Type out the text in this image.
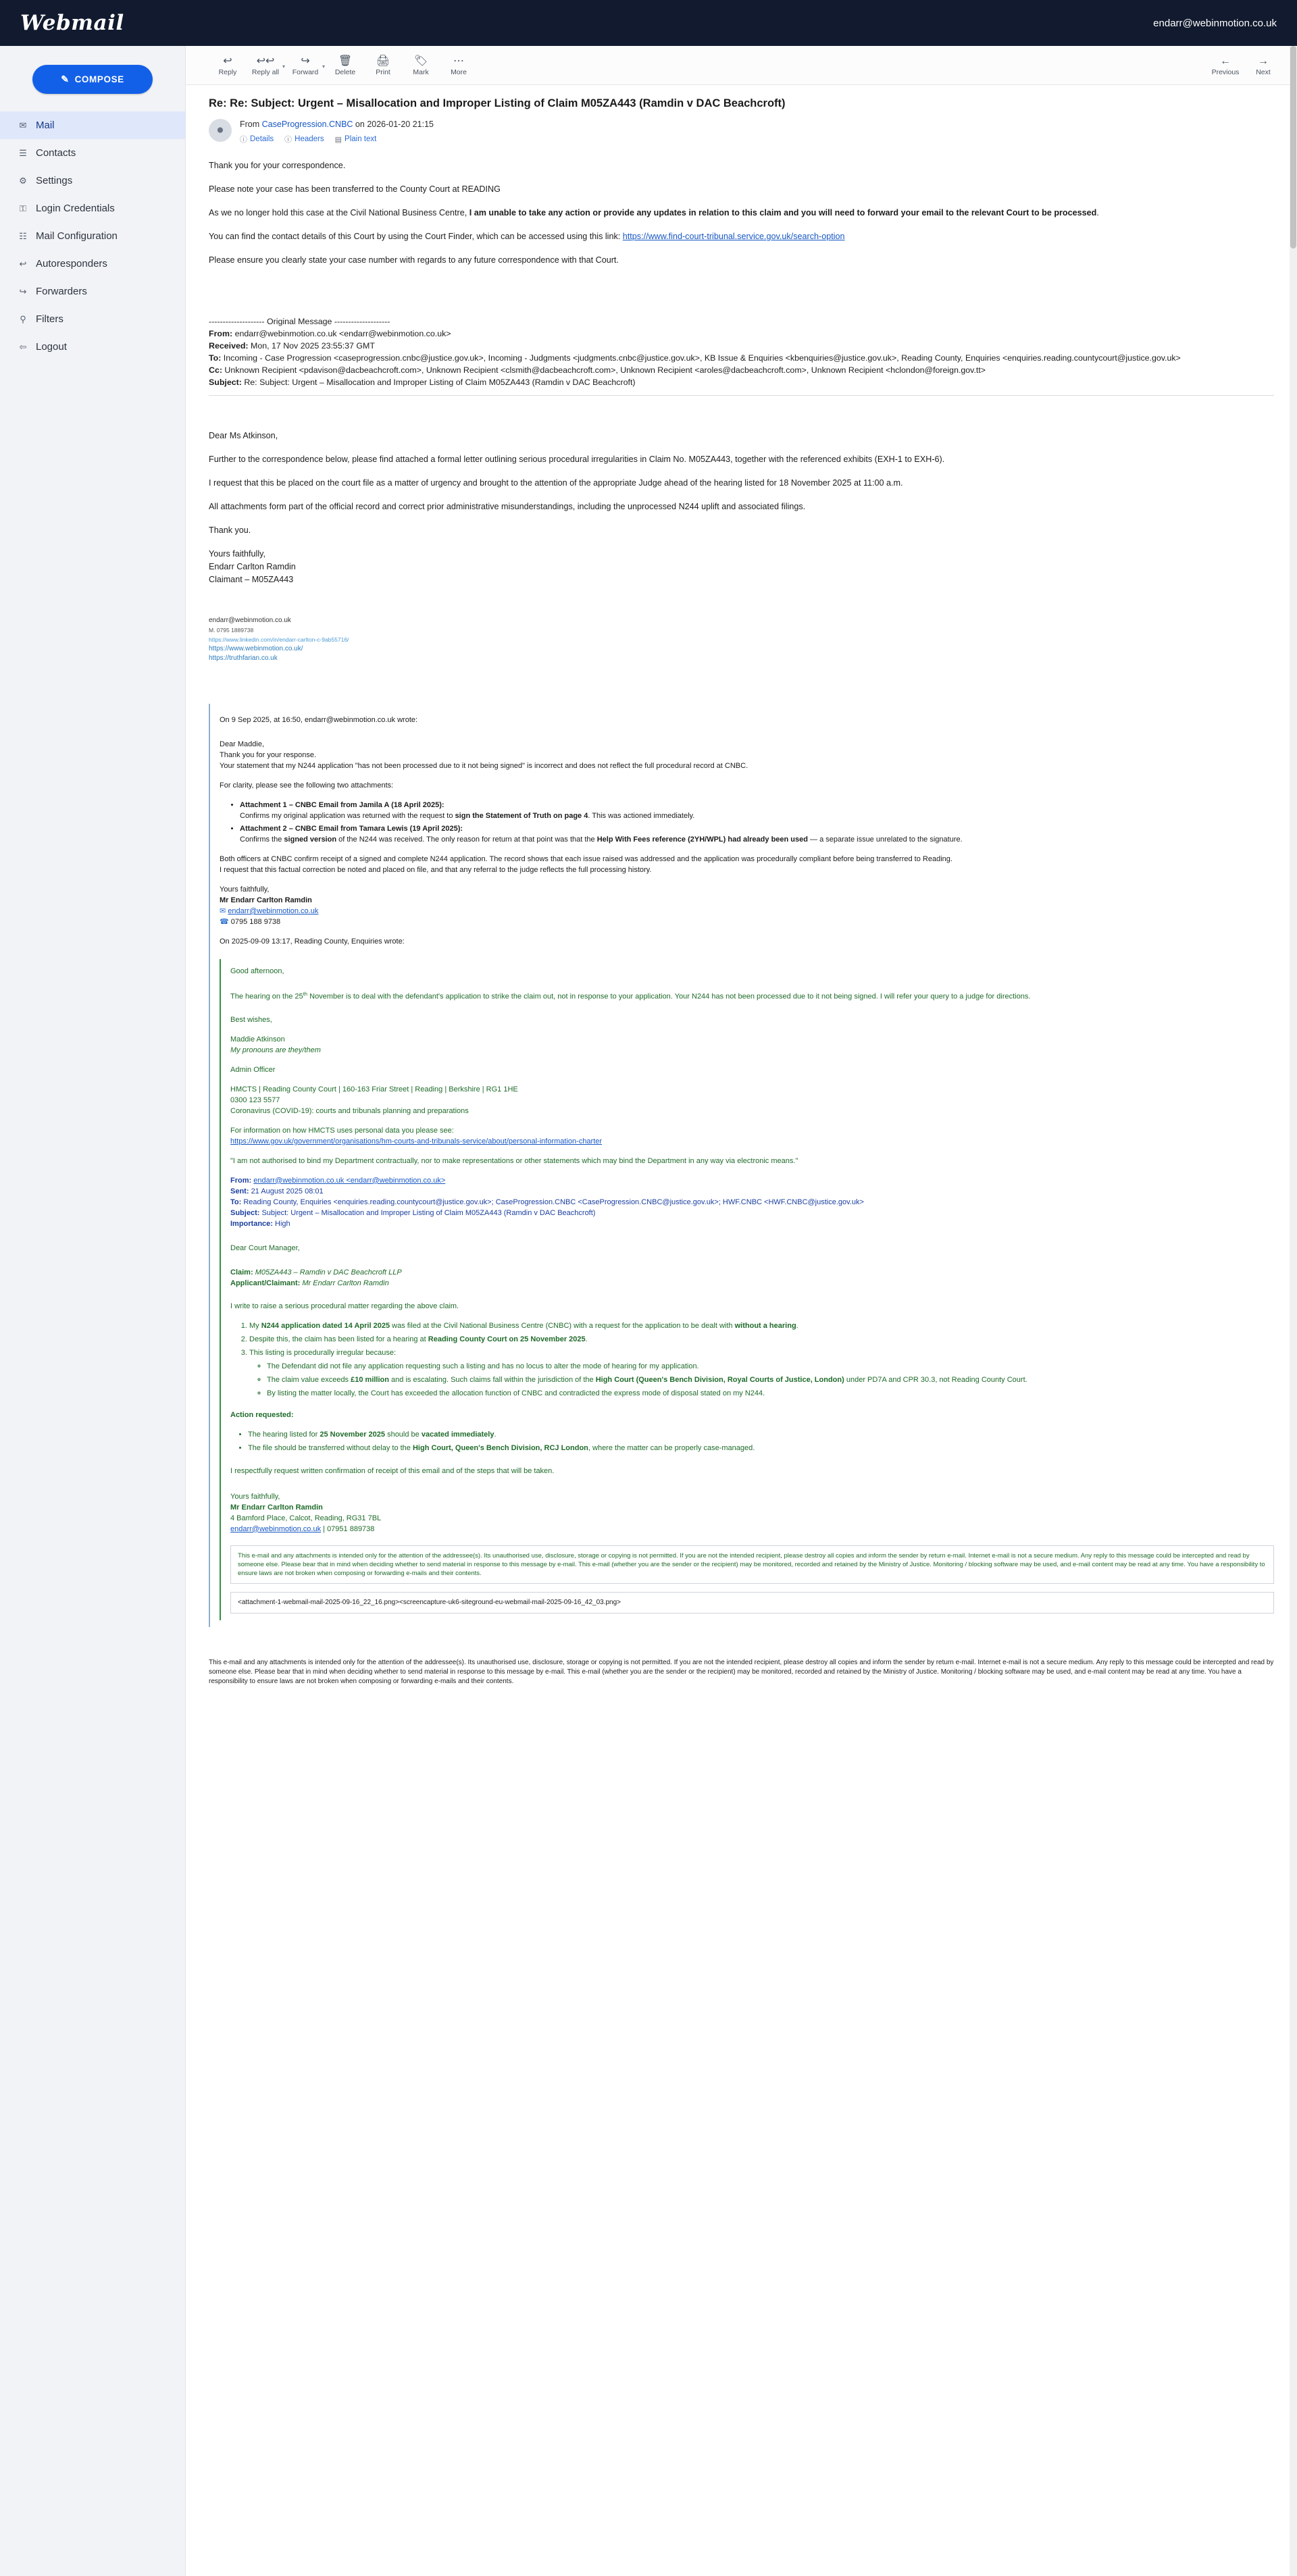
Webmail	endarr@webinmotion.co.uk
✎ COMPOSE
✉ Mail
☰ Contacts
⚙ Settings
⚿ Login Credentials
☷ Mail Configuration
↩ Autoresponders
↪ Forwarders
⚲ Filters
⇦ Logout
↩
Reply
↩↩
Reply all
▾ ↪
Forward
▾ 🗑
Delete
🖨
Print
🏷
Mark
⋯
More
←
Previous
→
Next
Re: Re: Subject: Urgent – Misallocation and Improper Listing of Claim M05ZA443 (Ramdin v DAC Beachcroft)
●	From CaseProgression.CNBC on 2026-01-20 21:15
ⓘ Details ⓘ Headers ▤ Plain text

Thank you for your correspondence.

Please note your case has been transferred to the County Court at READING

As we no longer hold this case at the Civil National Business Centre, I am unable to take any action or provide any updates in relation to this claim and you will need to forward your email to the relevant Court to be processed.

You can find the contact details of this Court by using the Court Finder, which can be accessed using this link: https://www.find-court-tribunal.service.gov.uk/search-option

Please ensure you clearly state your case number with regards to any future correspondence with that Court.

-------------------- Original Message --------------------
From: endarr@webinmotion.co.uk <endarr@webinmotion.co.uk>
Received: Mon, 17 Nov 2025 23:55:37 GMT
To: Incoming - Case Progression <caseprogression.cnbc@justice.gov.uk>, Incoming - Judgments <judgments.cnbc@justice.gov.uk>, KB Issue & Enquiries <kbenquiries@justice.gov.uk>, Reading County, Enquiries <enquiries.reading.countycourt@justice.gov.uk>
Cc: Unknown Recipient <pdavison@dacbeachcroft.com>, Unknown Recipient <clsmith@dacbeachcroft.com>, Unknown Recipient <aroles@dacbeachcroft.com>, Unknown Recipient <hclondon@foreign.gov.tt>
Subject: Re: Subject: Urgent – Misallocation and Improper Listing of Claim M05ZA443 (Ramdin v DAC Beachcroft)

Dear Ms Atkinson,

Further to the correspondence below, please find attached a formal letter outlining serious procedural irregularities in Claim No. M05ZA443, together with the referenced exhibits (EXH-1 to EXH-6).

I request that this be placed on the court file as a matter of urgency and brought to the attention of the appropriate Judge ahead of the hearing listed for 18 November 2025 at 11:00 a.m.

All attachments form part of the official record and correct prior administrative misunderstandings, including the unprocessed N244 uplift and associated filings.

Thank you.

Yours faithfully,
Endarr Carlton Ramdin
Claimant – M05ZA443

endarr@webinmotion.co.uk
M. 0795 1889738
https://www.linkedin.com/in/endarr-carlton-c-9ab55716/
https://www.webinmotion.co.uk/
https://truthfarian.co.uk
On 9 Sep 2025, at 16:50, endarr@webinmotion.co.uk wrote:

Dear Maddie,
Thank you for your response.
Your statement that my N244 application "has not been processed due to it not being signed" is incorrect and does not reflect the full procedural record at CNBC.

For clarity, please see the following two attachments:

• Attachment 1 – CNBC Email from Jamila A (18 April 2025):
Confirms my original application was returned with the request to sign the Statement of Truth on page 4. This was actioned immediately.
• Attachment 2 – CNBC Email from Tamara Lewis (19 April 2025):
Confirms the signed version of the N244 was received. The only reason for return at that point was that the Help With Fees reference (2YH/WPL) had already been used — a separate issue unrelated to the signature.

Both officers at CNBC confirm receipt of a signed and complete N244 application. The record shows that each issue raised was addressed and the application was procedurally compliant before being transferred to Reading.
I request that this factual correction be noted and placed on file, and that any referral to the judge reflects the full processing history.

Yours faithfully,
Mr Endarr Carlton Ramdin
✉ endarr@webinmotion.co.uk
☎ 0795 188 9738

On 2025-09-09 13:17, Reading County, Enquiries wrote:

Good afternoon,

The hearing on the 25th November is to deal with the defendant's application to strike the claim out, not in response to your application. Your N244 has not been processed due to it not being signed. I will refer your query to a judge for directions.

Best wishes,

Maddie Atkinson
My pronouns are they/them

Admin Officer

HMCTS | Reading County Court | 160-163 Friar Street | Reading | Berkshire | RG1 1HE
0300 123 5577
Coronavirus (COVID-19): courts and tribunals planning and preparations

For information on how HMCTS uses personal data you please see:
https://www.gov.uk/government/organisations/hm-courts-and-tribunals-service/about/personal-information-charter

"I am not authorised to bind my Department contractually, nor to make representations or other statements which may bind the Department in any way via electronic means."

From: endarr@webinmotion.co.uk <endarr@webinmotion.co.uk>
Sent: 21 August 2025 08:01
To: Reading County, Enquiries <enquiries.reading.countycourt@justice.gov.uk>; CaseProgression.CNBC <CaseProgression.CNBC@justice.gov.uk>; HWF.CNBC <HWF.CNBC@justice.gov.uk>
Subject: Subject: Urgent – Misallocation and Improper Listing of Claim M05ZA443 (Ramdin v DAC Beachcroft)
Importance: High

Dear Court Manager,

Claim: M05ZA443 – Ramdin v DAC Beachcroft LLP
Applicant/Claimant: Mr Endarr Carlton Ramdin

I write to raise a serious procedural matter regarding the above claim.

1. My N244 application dated 14 April 2025 was filed at the Civil National Business Centre (CNBC) with a request for the application to be dealt with without a hearing.
2. Despite this, the claim has been listed for a hearing at Reading County Court on 25 November 2025.
3. This listing is procedurally irregular because:
◦ The Defendant did not file any application requesting such a listing and has no locus to alter the mode of hearing for my application.
◦ The claim value exceeds £10 million and is escalating. Such claims fall within the jurisdiction of the High Court (Queen's Bench Division, Royal Courts of Justice, London) under PD7A and CPR 30.3, not Reading County Court.
◦ By listing the matter locally, the Court has exceeded the allocation function of CNBC and contradicted the express mode of disposal stated on my N244.

Action requested:

• The hearing listed for 25 November 2025 should be vacated immediately.
• The file should be transferred without delay to the High Court, Queen's Bench Division, RCJ London, where the matter can be properly case-managed.

I respectfully request written confirmation of receipt of this email and of the steps that will be taken.

Yours faithfully,
Mr Endarr Carlton Ramdin
4 Bamford Place, Calcot, Reading, RG31 7BL
endarr@webinmotion.co.uk | 07951 889738

This e-mail and any attachments is intended only for the attention of the addressee(s). Its unauthorised use, disclosure, storage or copying is not permitted. If you are not the intended recipient, please destroy all copies and inform the sender by return e-mail. Internet e-mail is not a secure medium. Any reply to this message could be intercepted and read by someone else. Please bear that in mind when deciding whether to send material in response to this message by e-mail. This e-mail (whether you are the sender or the recipient) may be monitored, recorded and retained by the Ministry of Justice. Monitoring / blocking software may be used, and e-mail content may be read at any time. You have a responsibility to ensure laws are not broken when composing or forwarding e-mails and their contents.
<attachment-1-webmail-mail-2025-09-16_22_16.png><screencapture-uk6-siteground-eu-webmail-mail-2025-09-16_42_03.png>
This e-mail and any attachments is intended only for the attention of the addressee(s). Its unauthorised use, disclosure, storage or copying is not permitted. If you are not the intended recipient, please destroy all copies and inform the sender by return e-mail. Internet e-mail is not a secure medium. Any reply to this message could be intercepted and read by someone else. Please bear that in mind when deciding whether to send material in response to this message by e-mail. This e-mail (whether you are the sender or the recipient) may be monitored, recorded and retained by the Ministry of Justice. Monitoring / blocking software may be used, and e-mail content may be read at any time. You have a responsibility to ensure laws are not broken when composing or forwarding e-mails and their contents.
